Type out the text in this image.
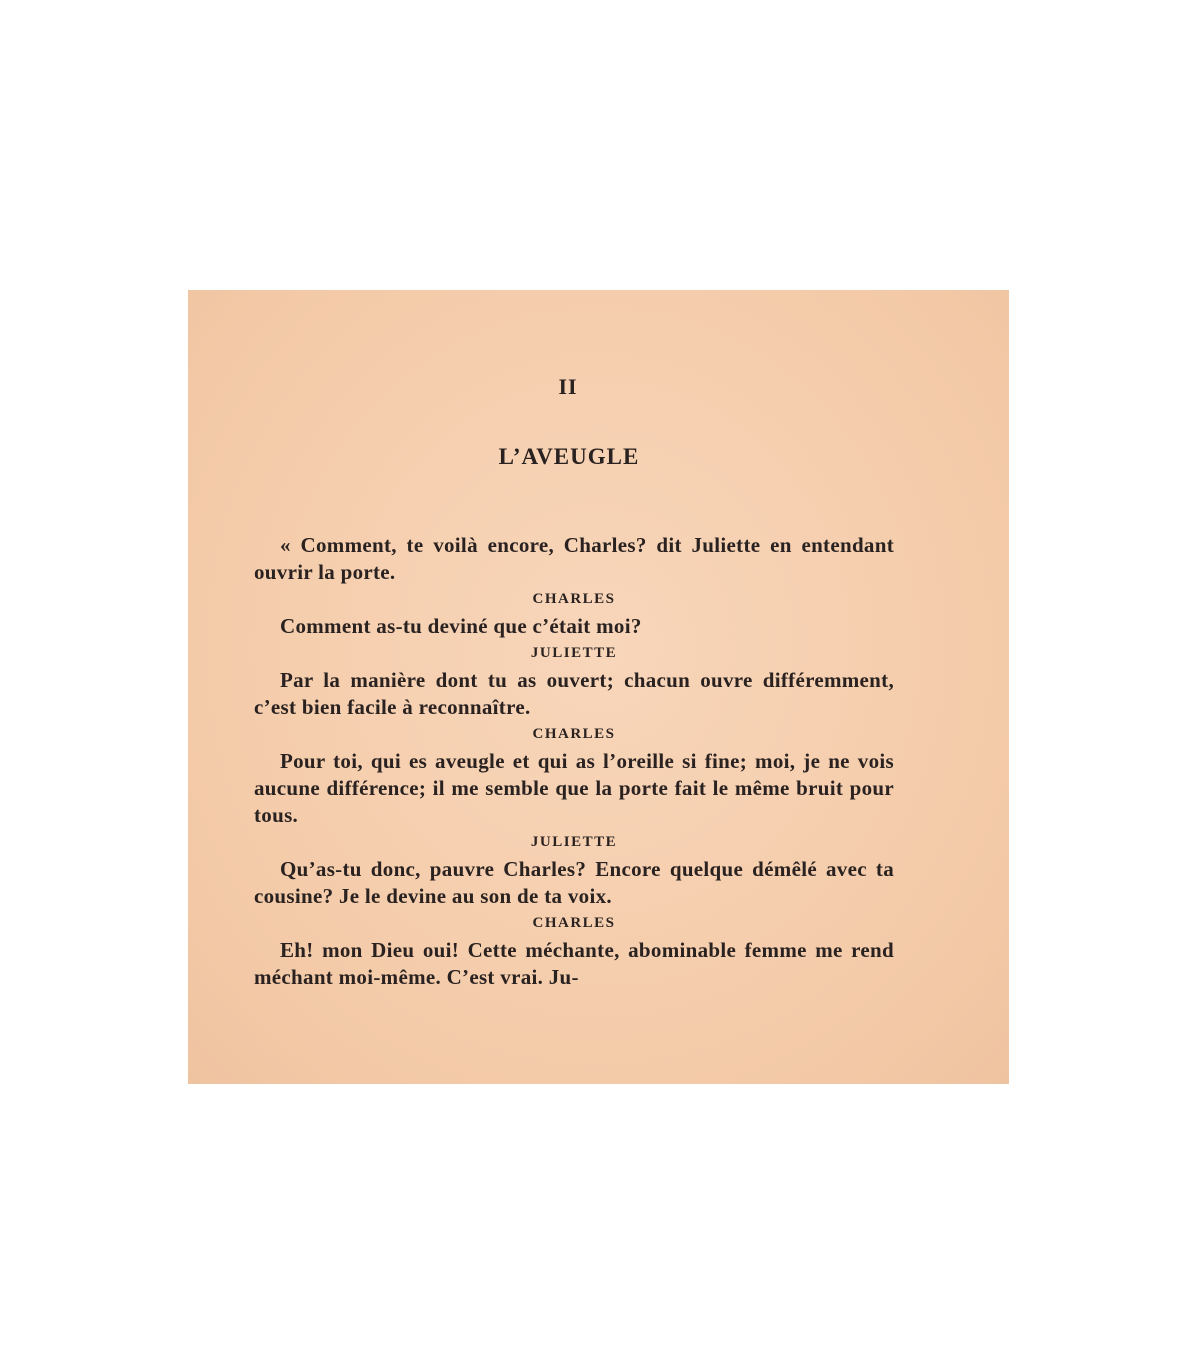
II
L’AVEUGLE

« Comment, te voilà encore, Charles? dit Juliette en entendant ouvrir la porte.

CHARLES

Comment as-tu deviné que c’était moi?

JULIETTE

Par la manière dont tu as ouvert; chacun ouvre différemment, c’est bien facile à reconnaître.

CHARLES

Pour toi, qui es aveugle et qui as l’oreille si fine; moi, je ne vois aucune différence; il me semble que la porte fait le même bruit pour tous.

JULIETTE

Qu’as-tu donc, pauvre Charles? Encore quelque démêlé avec ta cousine? Je le devine au son de ta voix.

CHARLES

Eh! mon Dieu oui! Cette méchante, abominable femme me rend méchant moi-même. C’est vrai. Ju-
